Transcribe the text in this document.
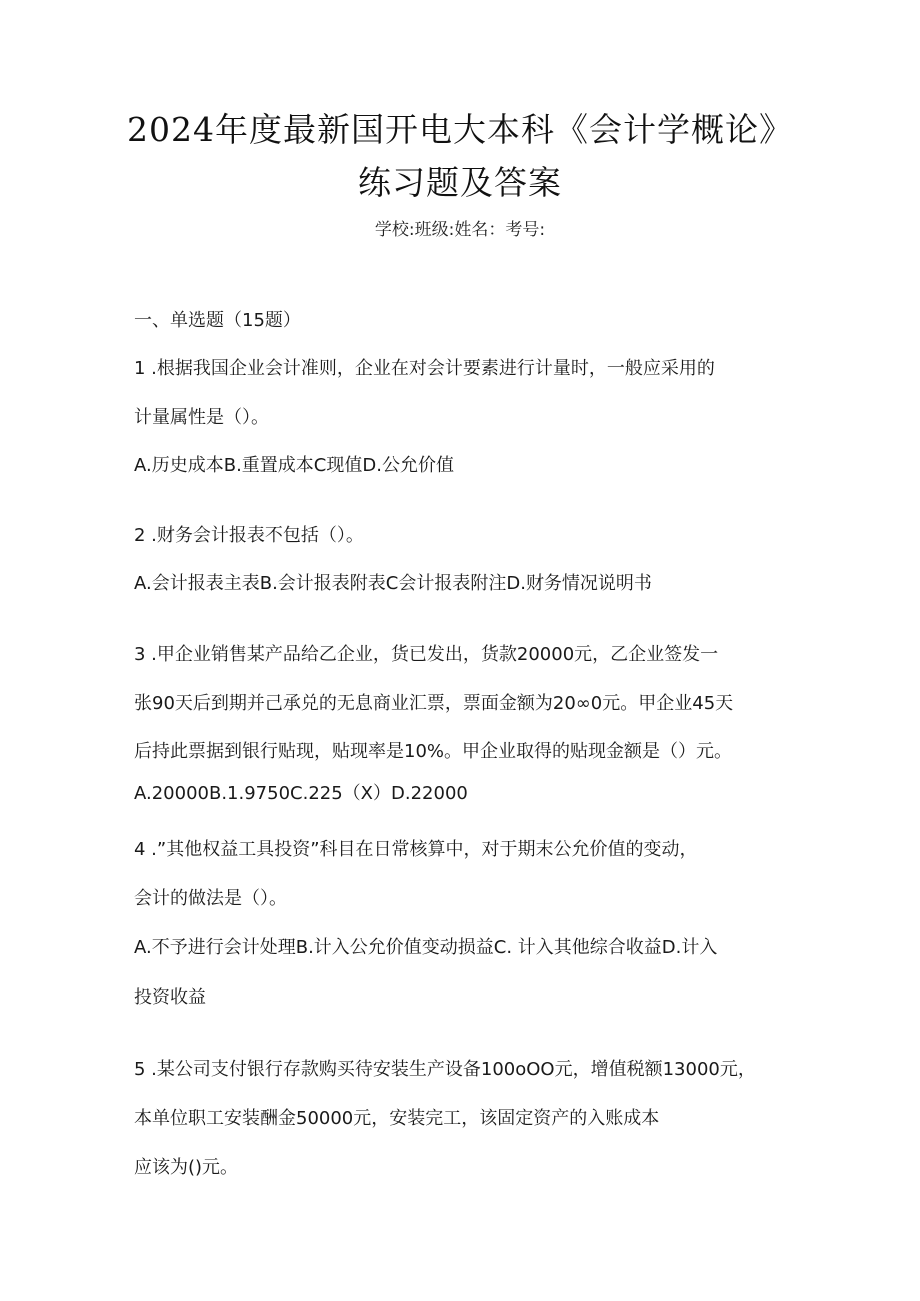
2024年度最新国开电大本科《会计学概论》
练习题及答案
学校:班级:姓名：考号:
一、单选题（15题）
1 .根据我国企业会计准则，企业在对会计要素进行计量时，一般应采用的
计量属性是（）。
A.历史成本B.重置成本C现值D.公允价值
2 .财务会计报表不包括（）。
A.会计报表主表B.会计报表附表C会计报表附注D.财务情况说明书
3 .甲企业销售某产品给乙企业，货已发出，货款20000元，乙企业签发一
张90天后到期并己承兑的无息商业汇票，票面金额为20∞0元。甲企业45天
后持此票据到银行贴现，贴现率是10%。甲企业取得的贴现金额是（）元。
A.20000B.1.9750C.225（X）D.22000
4 .”其他权益工具投资”科目在日常核算中，对于期末公允价值的变动，
会计的做法是（）。
A.不予进行会计处理B.计入公允价值变动损益C. 计入其他综合收益D.计入
投资收益
5 .某公司支付银行存款购买待安装生产设备100oOO元，增值税额13000元，
本单位职工安装酬金50000元，安装完工，该固定资产的入账成本
应该为()元。
